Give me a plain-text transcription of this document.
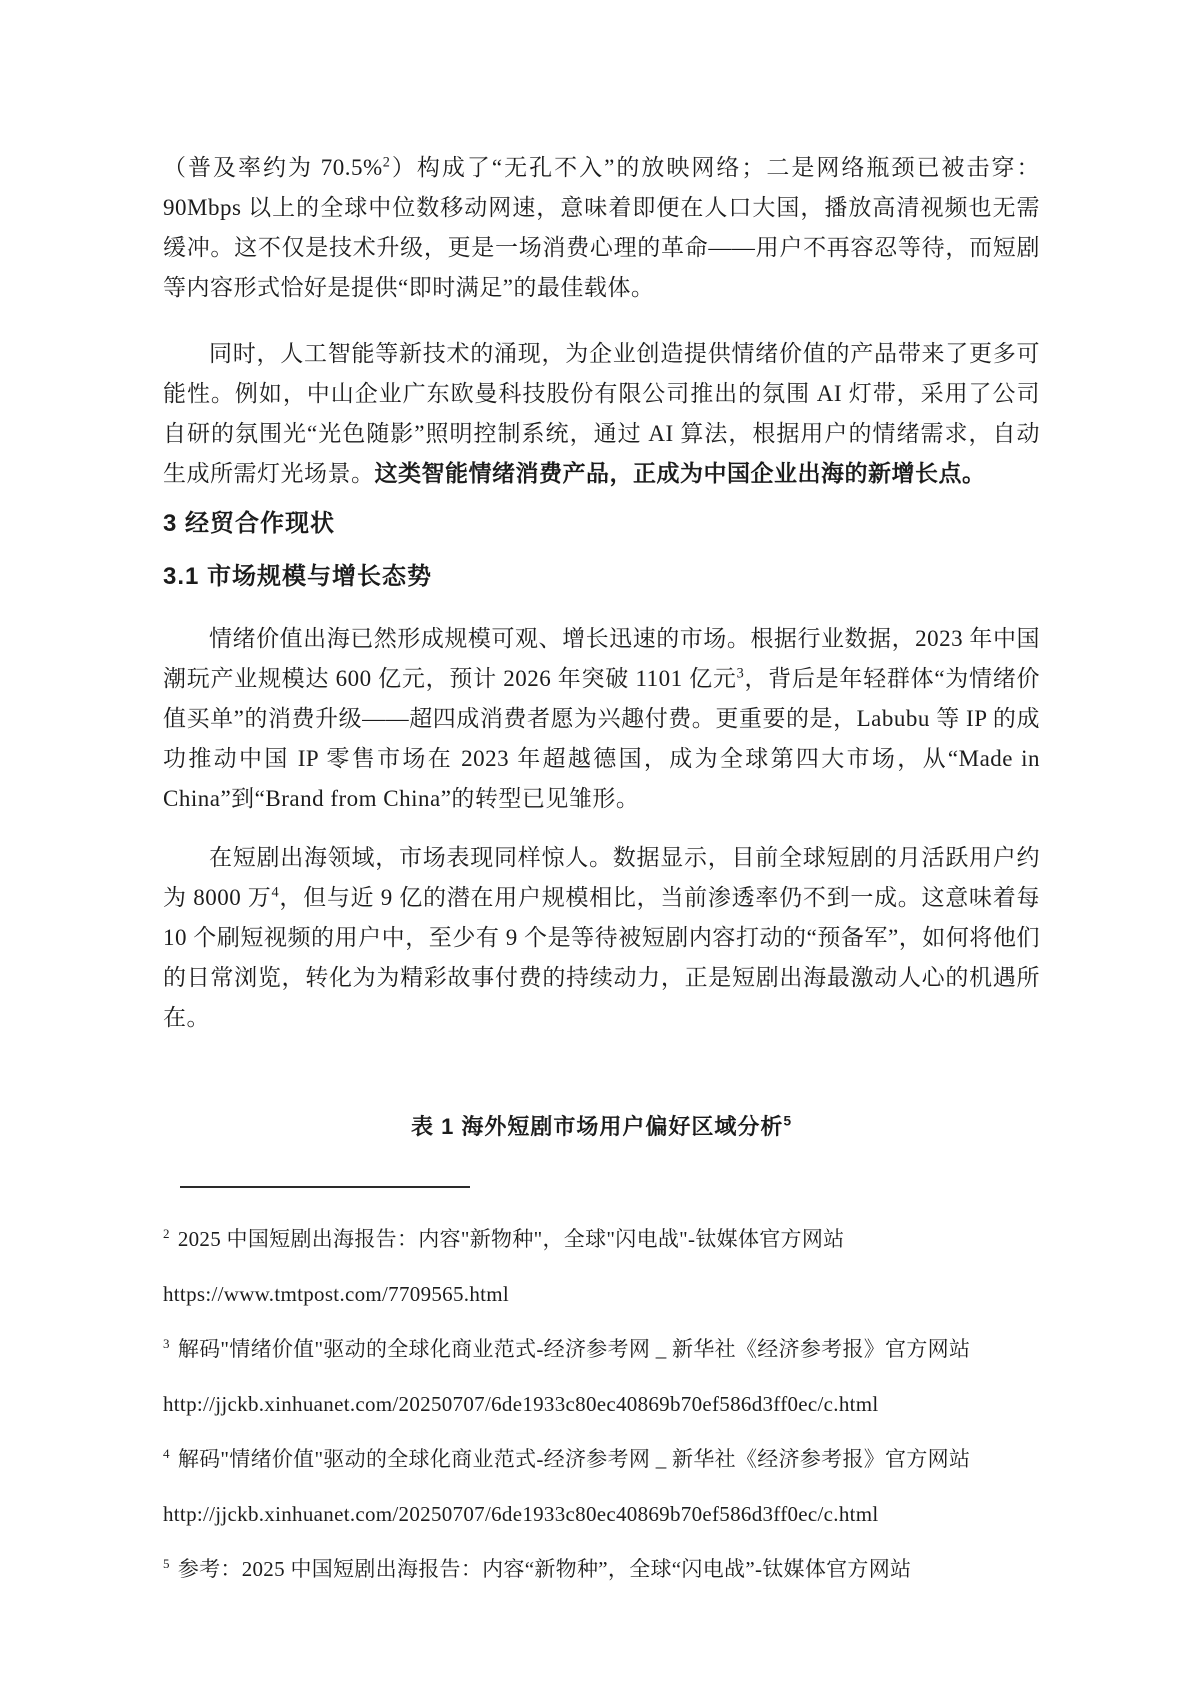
（普及率约为 70.5%$^2$）构成了“无孔不入”的放映网络；二是网络瓶颈已被击穿：90Mbps 以上的全球中位数移动网速，意味着即便在人口大国，播放高清视频也无需缓冲。这不仅是技术升级，更是一场消费心理的革命——用户不再容忍等待，而短剧等内容形式恰好是提供“即时满足”的最佳载体。

同时，人工智能等新技术的涌现，为企业创造提供情绪价值的产品带来了更多可能性。例如，中山企业广东欧曼科技股份有限公司推出的氛围 AI 灯带，采用了公司自研的氛围光“光色随影”照明控制系统，通过 AI 算法，根据用户的情绪需求，自动生成所需灯光场景。这类智能情绪消费产品，正成为中国企业出海的新增长点。

3 经贸合作现状
3.1 市场规模与增长态势

情绪价值出海已然形成规模可观、增长迅速的市场。根据行业数据，2023 年中国潮玩产业规模达 600 亿元，预计 2026 年突破 1101 亿元$^3$，背后是年轻群体“为情绪价值买单”的消费升级——超四成消费者愿为兴趣付费。更重要的是，Labubu 等 IP 的成功推动中国 IP 零售市场在 2023 年超越德国，成为全球第四大市场，从“Made in China”到“Brand from China”的转型已见雏形。

在短剧出海领域，市场表现同样惊人。数据显示，目前全球短剧的月活跃用户约为 8000 万$^4$，但与近 9 亿的潜在用户规模相比，当前渗透率仍不到一成。这意味着每 10 个刷短视频的用户中，至少有 9 个是等待被短剧内容打动的“预备军”，如何将他们的日常浏览，转化为为精彩故事付费的持续动力，正是短剧出海最激动人心的机遇所在。

表 1 海外短剧市场用户偏好区域分析$^5$
$^2$ 2025 中国短剧出海报告：内容"新物种"，全球"闪电战"-钛媒体官方网站
https://www.tmtpost.com/7709565.html
$^3$ 解码"情绪价值"驱动的全球化商业范式-经济参考网 _ 新华社《经济参考报》官方网站
http://jjckb.xinhuanet.com/20250707/6de1933c80ec40869b70ef586d3ff0ec/c.html
$^4$ 解码"情绪价值"驱动的全球化商业范式-经济参考网 _ 新华社《经济参考报》官方网站
http://jjckb.xinhuanet.com/20250707/6de1933c80ec40869b70ef586d3ff0ec/c.html
$^5$ 参考：2025 中国短剧出海报告：内容“新物种”，全球“闪电战”-钛媒体官方网站
